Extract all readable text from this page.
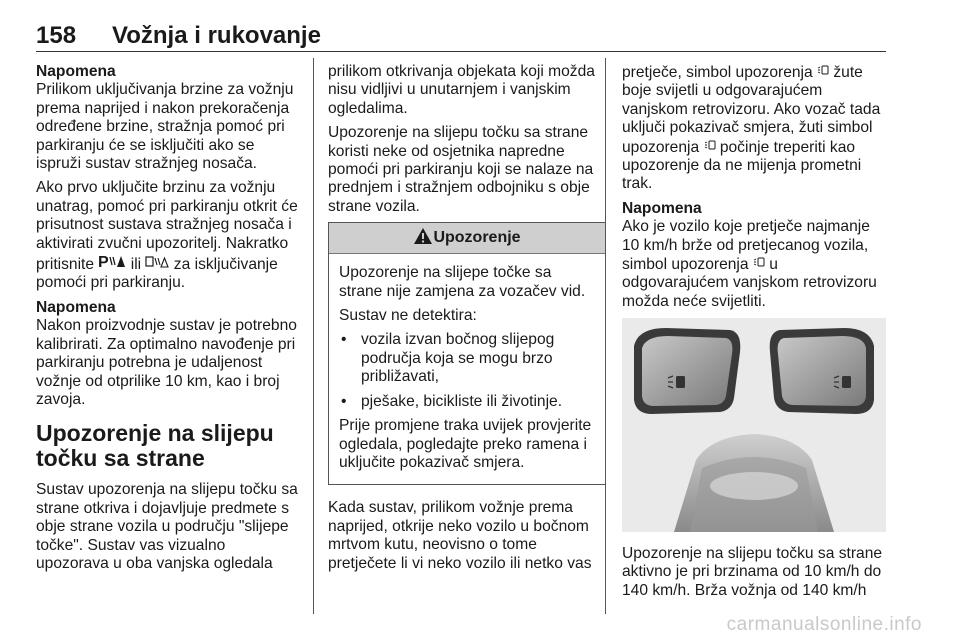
158 Vožnja i rukovanje

Napomena
Prilikom uključivanja brzine za vožnju prema naprijed i nakon prekoračenja određene brzine, stražnja pomoć pri parkiranju će se isključiti ako se ispruži sustav stražnjeg nosača.

Ako prvo uključite brzinu za vožnju unatrag, pomoć pri parkiranju otkrit će prisutnost sustava stražnjeg nosača i aktivirati zvučni upozoritelj. Nakratko pritisnite P ili  za isključivanje pomoći pri parkiranju.

Napomena
Nakon proizvodnje sustav je potrebno kalibrirati. Za optimalno navođenje pri parkiranju potrebna je udaljenost vožnje od otprilike 10 km, kao i broj zavoja.

Upozorenje na slijepu točku sa strane

Sustav upozorenja na slijepu točku sa strane otkriva i dojavljuje predmete s obje strane vozila u području "slijepe točke". Sustav vas vizualno upozorava u oba vanjska ogledala

prilikom otkrivanja objekata koji možda nisu vidljivi u unutarnjem i vanjskim ogledalima.

Upozorenje na slijepu točku sa strane koristi neke od osjetnika napredne pomoći pri parkiranju koji se nalaze na prednjem i stražnjem odbojniku s obje strane vozila.

Upozorenje

Upozorenje na slijepe točke sa strane nije zamjena za vozačev vid.

Sustav ne detektira:

• vozila izvan bočnog slijepog područja koja se mogu brzo približavati,
• pješake, bicikliste ili životinje.

Prije promjene traka uvijek provjerite ogledala, pogledajte preko ramena i uključite pokazivač smjera.

Kada sustav, prilikom vožnje prema naprijed, otkrije neko vozilo u bočnom mrtvom kutu, neovisno o tome pretječete li vi neko vozilo ili netko vas

pretječe, simbol upozorenja  žute boje svijetli u odgovarajućem vanjskom retrovizoru. Ako vozač tada uključi pokazivač smjera, žuti simbol upozorenja  počinje treperiti kao upozorenje da ne mijenja prometni trak.

Napomena
Ako je vozilo koje pretječe najmanje 10 km/h brže od pretjecanog vozila, simbol upozorenja  u odgovarajućem vanjskom retrovizoru možda neće svijetliti.

Upozorenje na slijepu točku sa strane aktivno je pri brzinama od 10 km/h do 140 km/h. Brža vožnja od 140 km/h

carmanualsonline.info
